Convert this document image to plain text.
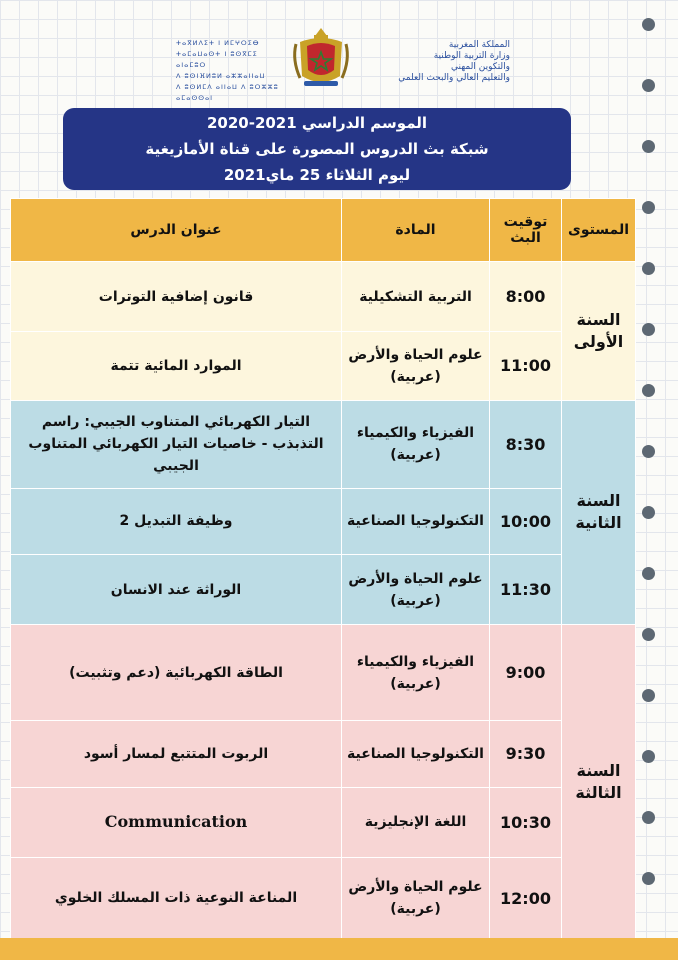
ⵜⴰⴳⵍⴷⵉⵜ ⵏ ⵍⵎⵖⵔⵉⴱ
ⵜⴰⵎⴰⵡⴰⵙⵜ ⵏ ⵓⵙⴳⵎⵉ ⴰⵏⴰⵎⵓⵔ
ⴷ ⵓⵙⵏⴼⵍⵓⵍ ⴰⵣⵣⴰⵏⵏⴰⵡ
ⴷ ⵓⵙⵍⵎⴷ ⴰⵏⵏⴰⵡ ⴷ ⵓⵔⵣⵣⵓ ⴰⵎⴰⵙⵙⴰⵏ
المملكة المغربية
وزارة التربية الوطنية
والتكوين المهني
والتعليم العالي والبحث العلمي
الموسم الدراسي 2021-2020
شبكة بث الدروس المصورة على قناة الأمازيغية
ليوم الثلاثاء 25 ماي2021
المستوى	توقيت البث	المادة	عنوان الدرس
السنة الأولى	8:00	التربية التشكيلية	قانون إضافية التوترات
	11:00	علوم الحياة والأرض (عربية)	الموارد المائية تتمة
السنة الثانية	8:30	الفيزياء والكيمياء (عربية)	التيار الكهربائي المتناوب الجيبي: راسم التذبذب - خاصيات التيار الكهربائي المتناوب الجيبي
	10:00	التكنولوجيا الصناعية	وظيفة التبديل 2
	11:30	علوم الحياة والأرض (عربية)	الوراثة عند الانسان
السنة الثالثة	9:00	الفيزياء والكيمياء (عربية)	الطاقة الكهربائية (دعم وتثبيت)
	9:30	التكنولوجيا الصناعية	الربوت المتتبع لمسار أسود
	10:30	اللغة الإنجليزية	Communication
	12:00	علوم الحياة والأرض (عربية)	المناعة النوعية ذات المسلك الخلوي
